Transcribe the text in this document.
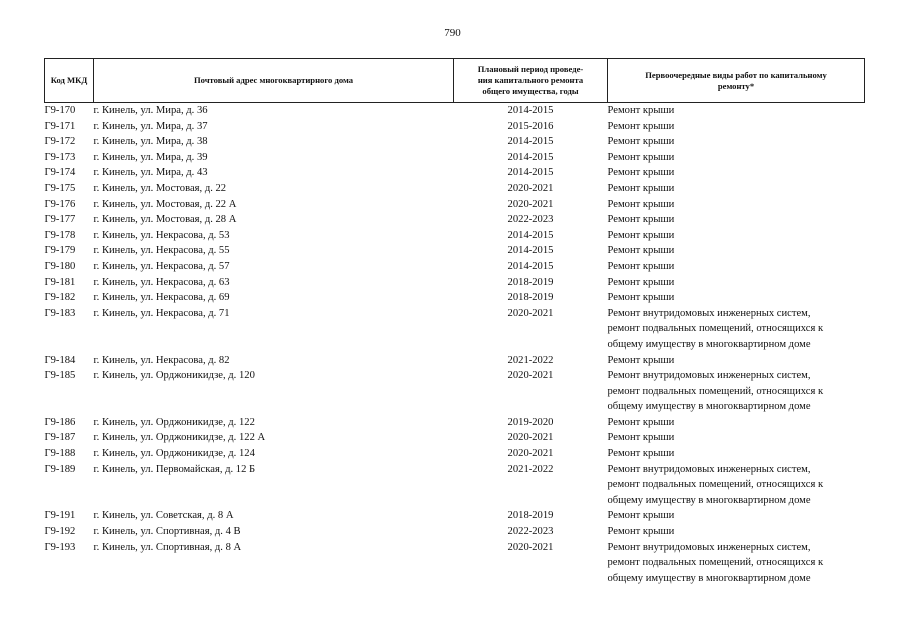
790
Код МКД	Почтовый адрес многоквартирного дома	Плановый период проведе-
ния капитального ремонта
общего имущества, годы	Первоочередные виды работ по капитальному
ремонту*

Г9-170	г. Кинель, ул. Мира, д. 36	2014-2015	Ремонт крыши

Г9-171	г. Кинель, ул. Мира, д. 37	2015-2016	Ремонт крыши

Г9-172	г. Кинель, ул. Мира, д. 38	2014-2015	Ремонт крыши

Г9-173	г. Кинель, ул. Мира, д. 39	2014-2015	Ремонт крыши

Г9-174	г. Кинель, ул. Мира, д. 43	2014-2015	Ремонт крыши

Г9-175	г. Кинель, ул. Мостовая, д. 22	2020-2021	Ремонт крыши

Г9-176	г. Кинель, ул. Мостовая, д. 22 А	2020-2021	Ремонт крыши

Г9-177	г. Кинель, ул. Мостовая, д. 28 А	2022-2023	Ремонт крыши

Г9-178	г. Кинель, ул. Некрасова, д. 53	2014-2015	Ремонт крыши

Г9-179	г. Кинель, ул. Некрасова, д. 55	2014-2015	Ремонт крыши

Г9-180	г. Кинель, ул. Некрасова, д. 57	2014-2015	Ремонт крыши

Г9-181	г. Кинель, ул. Некрасова, д. 63	2018-2019	Ремонт крыши

Г9-182	г. Кинель, ул. Некрасова, д. 69	2018-2019	Ремонт крыши

Г9-183	г. Кинель, ул. Некрасова, д. 71	2020-2021	Ремонт внутридомовых инженерных систем,
ремонт подвальных помещений, относящихся к
общему имуществу в многоквартирном доме

Г9-184	г. Кинель, ул. Некрасова, д. 82	2021-2022	Ремонт крыши

Г9-185	г. Кинель, ул. Орджоникидзе, д. 120	2020-2021	Ремонт внутридомовых инженерных систем,
ремонт подвальных помещений, относящихся к
общему имуществу в многоквартирном доме

Г9-186	г. Кинель, ул. Орджоникидзе, д. 122	2019-2020	Ремонт крыши

Г9-187	г. Кинель, ул. Орджоникидзе, д. 122 А	2020-2021	Ремонт крыши

Г9-188	г. Кинель, ул. Орджоникидзе, д. 124	2020-2021	Ремонт крыши

Г9-189	г. Кинель, ул. Первомайская, д. 12 Б	2021-2022	Ремонт внутридомовых инженерных систем,
ремонт подвальных помещений, относящихся к
общему имуществу в многоквартирном доме

Г9-191	г. Кинель, ул. Советская, д. 8 А	2018-2019	Ремонт крыши

Г9-192	г. Кинель, ул. Спортивная, д. 4 В	2022-2023	Ремонт крыши

Г9-193	г. Кинель, ул. Спортивная, д. 8 А	2020-2021	Ремонт внутридомовых инженерных систем,
ремонт подвальных помещений, относящихся к
общему имуществу в многоквартирном доме
